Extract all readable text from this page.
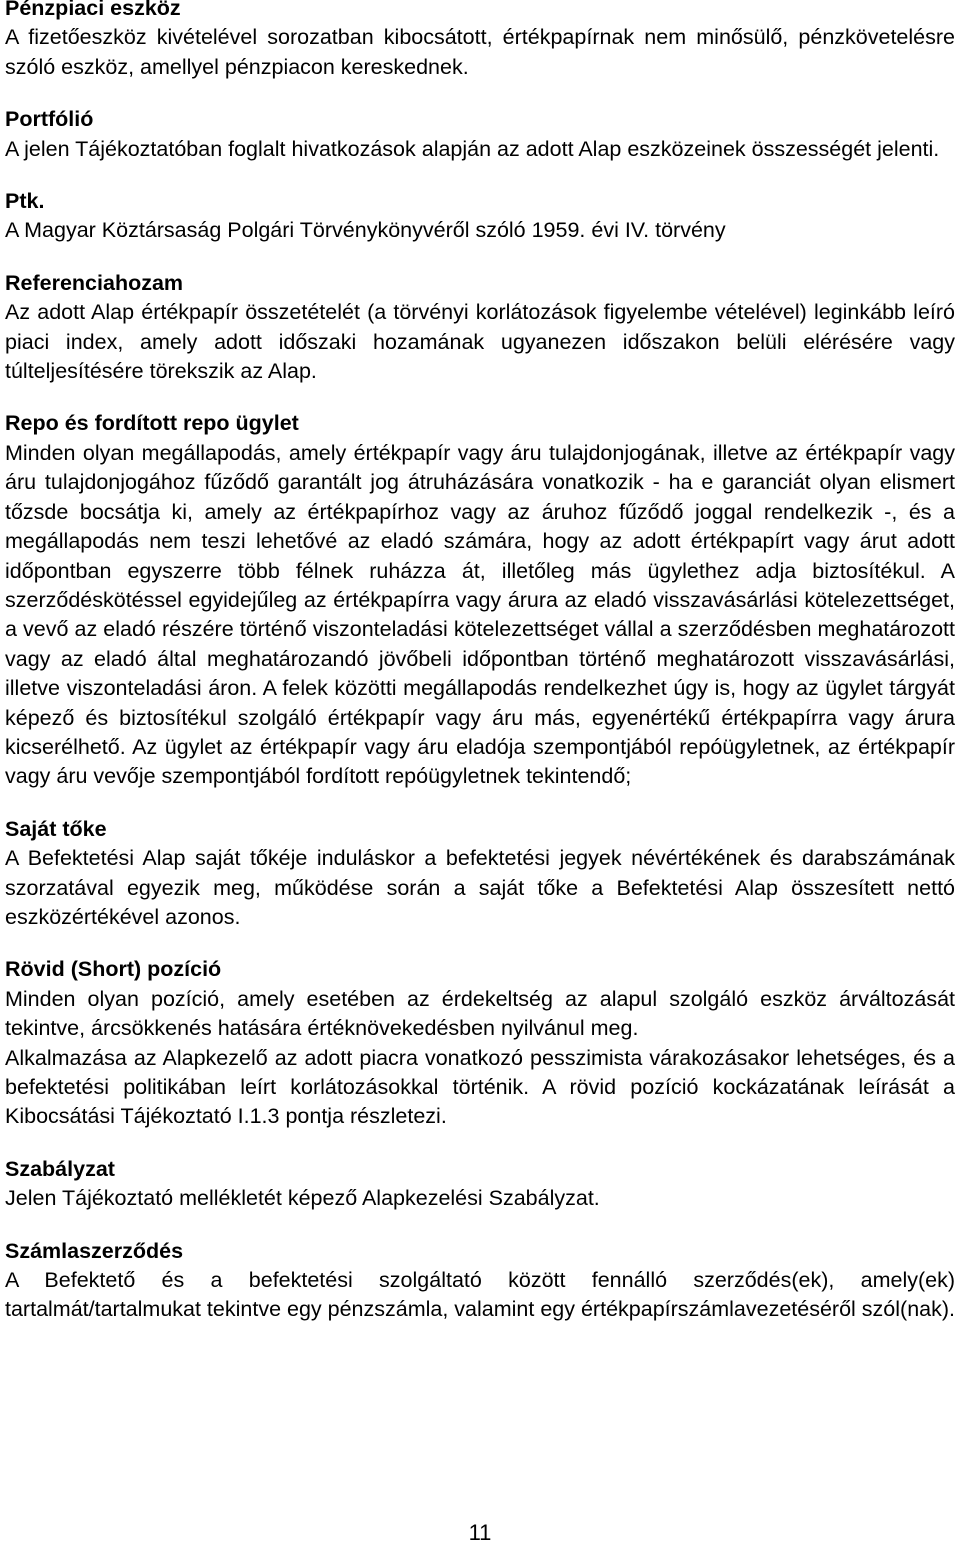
Pénzpiaci eszköz

A fizetőeszköz kivételével sorozatban kibocsátott, értékpapírnak nem minősülő, pénzkövetelésre szóló eszköz, amellyel pénzpiacon kereskednek.

Portfólió

A jelen Tájékoztatóban foglalt hivatkozások alapján az adott Alap eszközeinek összességét jelenti.

Ptk.

A Magyar Köztársaság Polgári Törvénykönyvéről szóló 1959. évi IV. törvény

Referenciahozam

Az adott Alap értékpapír összetételét (a törvényi korlátozások figyelembe vételével) leginkább leíró piaci index, amely adott időszaki hozamának ugyanezen időszakon belüli elérésére vagy túlteljesítésére törekszik az Alap.

Repo és fordított repo ügylet

Minden olyan megállapodás, amely értékpapír vagy áru tulajdonjogának, illetve az értékpapír vagy áru tulajdonjogához fűződő garantált jog átruházására vonatkozik - ha e garanciát olyan elismert tőzsde bocsátja ki, amely az értékpapírhoz vagy az áruhoz fűződő joggal rendelkezik -, és a megállapodás nem teszi lehetővé az eladó számára, hogy az adott értékpapírt vagy árut adott időpontban egyszerre több félnek ruházza át, illetőleg más ügylethez adja biztosítékul. A szerződéskötéssel egyidejűleg az értékpapírra vagy árura az eladó visszavásárlási kötelezettséget, a vevő az eladó részére történő viszonteladási kötelezettséget vállal a szerződésben meghatározott vagy az eladó által meghatározandó jövőbeli időpontban történő meghatározott visszavásárlási, illetve viszonteladási áron. A felek közötti megállapodás rendelkezhet úgy is, hogy az ügylet tárgyát képező és biztosítékul szolgáló értékpapír vagy áru más, egyenértékű értékpapírra vagy árura kicserélhető. Az ügylet az értékpapír vagy áru eladója szempontjából repóügyletnek, az értékpapír vagy áru vevője szempontjából fordított repóügyletnek tekintendő;

Saját tőke

A Befektetési Alap saját tőkéje induláskor a befektetési jegyek névértékének és darabszámának szorzatával egyezik meg, működése során a saját tőke a Befektetési Alap összesített nettó eszközértékével azonos.

Rövid (Short) pozíció

Minden olyan pozíció, amely esetében az érdekeltség az alapul szolgáló eszköz árváltozását tekintve, árcsökkenés hatására értéknövekedésben nyilvánul meg.

Alkalmazása az Alapkezelő az adott piacra vonatkozó pesszimista várakozásakor lehetséges, és a befektetési politikában leírt korlátozásokkal történik. A rövid pozíció kockázatának leírását a Kibocsátási Tájékoztató I.1.3 pontja részletezi.

Szabályzat

Jelen Tájékoztató mellékletét képező Alapkezelési Szabályzat.

Számlaszerződés

A Befektető és a befektetési szolgáltató között fennálló szerződés(ek), amely(ek) tartalmát/tartalmukat tekintve egy pénzszámla, valamint egy értékpapírszámlavezetéséről szól(nak).

11
